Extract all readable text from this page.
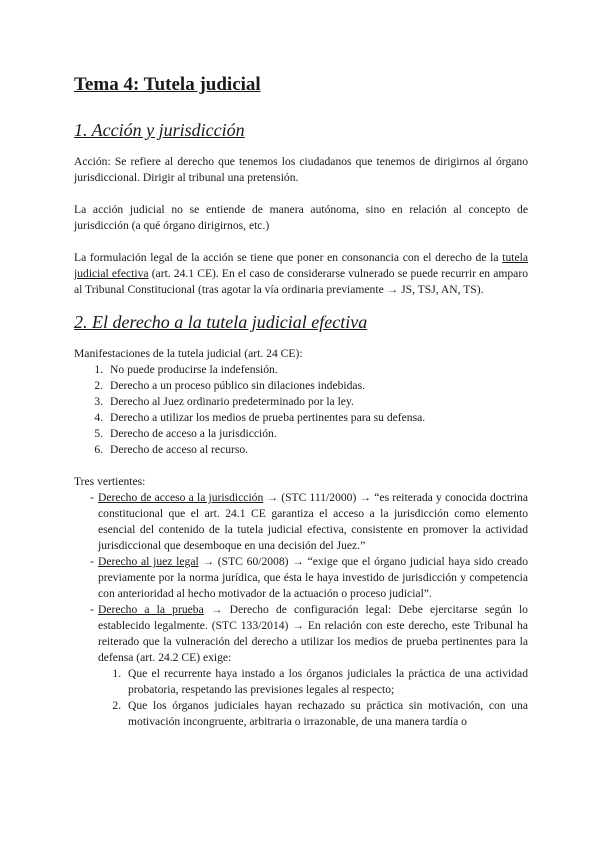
Tema 4: Tutela judicial
1. Acción y jurisdicción

Acción: Se refiere al derecho que tenemos los ciudadanos que tenemos de dirigirnos al órgano jurisdiccional. Dirigir al tribunal una pretensión.

La acción judicial no se entiende de manera autónoma, sino en relación al concepto de jurisdicción (a qué órgano dirigirnos, etc.)

La formulación legal de la acción se tiene que poner en consonancia con el derecho de la tutela judicial efectiva (art. 24.1 CE). En el caso de considerarse vulnerado se puede recurrir en amparo al Tribunal Constitucional (tras agotar la vía ordinaria previamente → JS, TSJ, AN, TS).

2. El derecho a la tutela judicial efectiva

Manifestaciones de la tutela judicial (art. 24 CE):

1. No puede producirse la indefensión.
2. Derecho a un proceso público sin dilaciones indebidas.
3. Derecho al Juez ordinario predeterminado por la ley.
4. Derecho a utilizar los medios de prueba pertinentes para su defensa.
5. Derecho de acceso a la jurisdicción.
6. Derecho de acceso al recurso.

Tres vertientes:

- Derecho de acceso a la jurisdicción → (STC 111/2000) → “es reiterada y conocida doctrina constitucional que el art. 24.1 CE garantiza el acceso a la jurisdicción como elemento esencial del contenido de la tutela judicial efectiva, consistente en promover la actividad jurisdiccional que desemboque en una decisión del Juez.”
- Derecho al juez legal → (STC 60/2008) → “exige que el órgano judicial haya sido creado previamente por la norma jurídica, que ésta le haya investido de jurisdicción y competencia con anterioridad al hecho motivador de la actuación o proceso judicial”.
- Derecho a la prueba → Derecho de configuración legal: Debe ejercitarse según lo establecido legalmente. (STC 133/2014) → En relación con este derecho, este Tribunal ha reiterado que la vulneración del derecho a utilizar los medios de prueba pertinentes para la defensa (art. 24.2 CE) exige:
1. Que el recurrente haya instado a los órganos judiciales la práctica de una actividad probatoria, respetando las previsiones legales al respecto;
2. Que los órganos judiciales hayan rechazado su práctica sin motivación, con una motivación incongruente, arbitraria o irrazonable, de una manera tardía o
